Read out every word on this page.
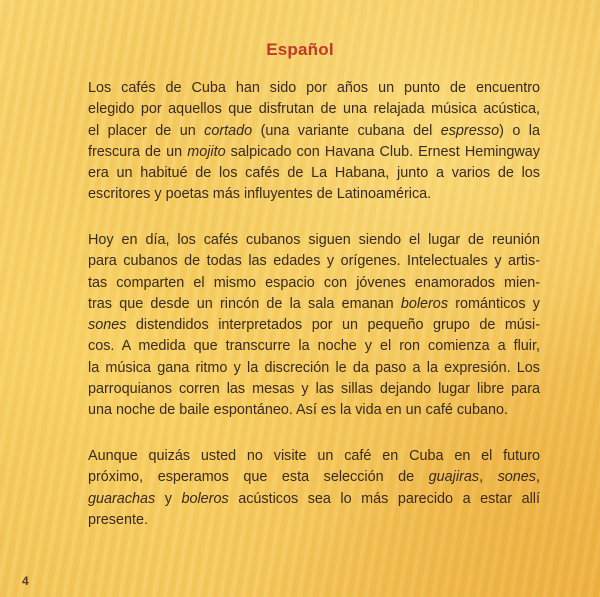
Español
Los cafés de Cuba han sido por años un punto de encuentro
elegido por aquellos que disfrutan de una relajada música acústica,
el placer de un cortado (una variante cubana del espresso) o la
frescura de un mojito salpicado con Havana Club. Ernest Hemingway
era un habitué de los cafés de La Habana, junto a varios de los
escritores y poetas más influyentes de Latinoamérica.
Hoy en día, los cafés cubanos siguen siendo el lugar de reunión
para cubanos de todas las edades y orígenes. Intelectuales y artis-
tas comparten el mismo espacio con jóvenes enamorados mien-
tras que desde un rincón de la sala emanan boleros románticos y
sones distendidos interpretados por un pequeño grupo de músi-
cos. A medida que transcurre la noche y el ron comienza a fluir,
la música gana ritmo y la discreción le da paso a la expresión. Los
parroquianos corren las mesas y las sillas dejando lugar libre para
una noche de baile espontáneo. Así es la vida en un café cubano.
Aunque quizás usted no visite un café en Cuba en el futuro
próximo, esperamos que esta selección de guajiras, sones,
guarachas y boleros acústicos sea lo más parecido a estar allí
presente.
4
